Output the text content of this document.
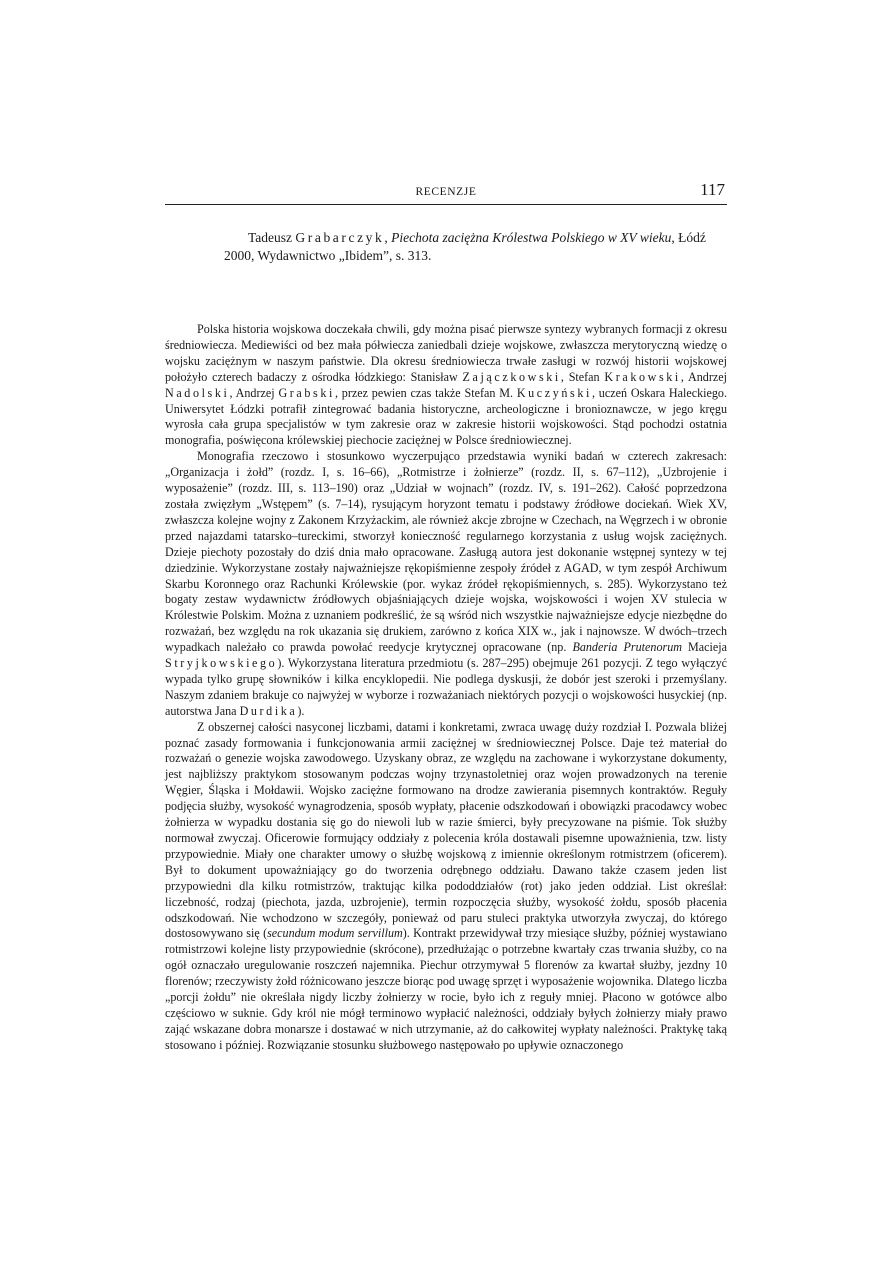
RECENZJE	117

Tadeusz Grabarczyk, Piechota zaciężna Królestwa Polskiego w XV wieku, Łódź 2000, Wydawnictwo „Ibidem”, s. 313.

Polska historia wojskowa doczekała chwili, gdy można pisać pierwsze syntezy wybranych formacji z okresu średniowiecza. Mediewiści od bez mała półwiecza zaniedbali dzieje wojskowe, zwłaszcza merytoryczną wiedzę o wojsku zaciężnym w naszym państwie. Dla okresu średniowiecza trwałe zasługi w rozwój historii wojskowej położyło czterech badaczy z ośrodka łódzkiego: Stanisław Zajączkowski, Stefan Krakowski, Andrzej Nadolski, Andrzej Grabski, przez pewien czas także Stefan M. Kuczyński, uczeń Oskara Haleckiego. Uniwersytet Łódzki potrafił zintegrować badania historyczne, archeologiczne i bronioznawcze, w jego kręgu wyrosła cała grupa specjalistów w tym zakresie oraz w zakresie historii wojskowości. Stąd pochodzi ostatnia monografia, poświęcona królewskiej piechocie zaciężnej w Polsce średniowiecznej.

Monografia rzeczowo i stosunkowo wyczerpująco przedstawia wyniki badań w czterech zakresach: „Organizacja i żołd” (rozdz. I, s. 16–66), „Rotmistrze i żołnierze” (rozdz. II, s. 67–112), „Uzbrojenie i wyposażenie” (rozdz. III, s. 113–190) oraz „Udział w wojnach” (rozdz. IV, s. 191–262). Całość poprzedzona została zwięzłym „Wstępem” (s. 7–14), rysującym horyzont tematu i podstawy źródłowe dociekań. Wiek XV, zwłaszcza kolejne wojny z Zakonem Krzyżackim, ale również akcje zbrojne w Czechach, na Węgrzech i w obronie przed najazdami tatarsko–tureckimi, stworzył konieczność regularnego korzystania z usług wojsk zaciężnych. Dzieje piechoty pozostały do dziś dnia mało opracowane. Zasługą autora jest dokonanie wstępnej syntezy w tej dziedzinie. Wykorzystane zostały najważniejsze rękopiśmienne zespoły źródeł z AGAD, w tym zespół Archiwum Skarbu Koronnego oraz Rachunki Królewskie (por. wykaz źródeł rękopiśmiennych, s. 285). Wykorzystano też bogaty zestaw wydawnictw źródłowych objaśniających dzieje wojska, wojskowości i wojen XV stulecia w Królestwie Polskim. Można z uznaniem podkreślić, że są wśród nich wszystkie najważniejsze edycje niezbędne do rozważań, bez względu na rok ukazania się drukiem, zarówno z końca XIX w., jak i najnowsze. W dwóch–trzech wypadkach należało co prawda powołać reedycje krytycznej opracowane (np. Banderia Prutenorum Macieja Stryjkowskiego). Wykorzystana literatura przedmiotu (s. 287–295) obejmuje 261 pozycji. Z tego wyłączyć wypada tylko grupę słowników i kilka encyklopedii. Nie podlega dyskusji, że dobór jest szeroki i przemyślany. Naszym zdaniem brakuje co najwyżej w wyborze i rozważaniach niektórych pozycji o wojskowości husyckiej (np. autorstwa Jana Durdika).

Z obszernej całości nasyconej liczbami, datami i konkretami, zwraca uwagę duży rozdział I. Pozwala bliżej poznać zasady formowania i funkcjonowania armii zaciężnej w średniowiecznej Polsce. Daje też materiał do rozważań o genezie wojska zawodowego. Uzyskany obraz, ze względu na zachowane i wykorzystane dokumenty, jest najbliższy praktykom stosowanym podczas wojny trzynastoletniej oraz wojen prowadzonych na terenie Węgier, Śląska i Mołdawii. Wojsko zaciężne formowano na drodze zawierania pisemnych kontraktów. Reguły podjęcia służby, wysokość wynagrodzenia, sposób wypłaty, płacenie odszkodowań i obowiązki pracodawcy wobec żołnierza w wypadku dostania się go do niewoli lub w razie śmierci, były precyzowane na piśmie. Tok służby normował zwyczaj. Oficerowie formujący oddziały z polecenia króla dostawali pisemne upoważnienia, tzw. listy przypowiednie. Miały one charakter umowy o służbę wojskową z imiennie określonym rotmistrzem (oficerem). Był to dokument upoważniający go do tworzenia odrębnego oddziału. Dawano także czasem jeden list przypowiedni dla kilku rotmistrzów, traktując kilka pododdziałów (rot) jako jeden oddział. List określał: liczebność, rodzaj (piechota, jazda, uzbrojenie), termin rozpoczęcia służby, wysokość żołdu, sposób płacenia odszkodowań. Nie wchodzono w szczegóły, ponieważ od paru stuleci praktyka utworzyła zwyczaj, do którego dostosowywano się (secundum modum servillum). Kontrakt przewidywał trzy miesiące służby, później wystawiano rotmistrzowi kolejne listy przypowiednie (skrócone), przedłużając o potrzebne kwartały czas trwania służby, co na ogół oznaczało uregulowanie roszczeń najemnika. Piechur otrzymywał 5 florenów za kwartał służby, jezdny 10 florenów; rzeczywisty żołd różnicowano jeszcze biorąc pod uwagę sprzęt i wyposażenie wojownika. Dlatego liczba „porcji żołdu” nie określała nigdy liczby żołnierzy w rocie, było ich z reguły mniej. Płacono w gotówce albo częściowo w suknie. Gdy król nie mógł terminowo wypłacić należności, oddziały byłych żołnierzy miały prawo zająć wskazane dobra monarsze i dostawać w nich utrzymanie, aż do całkowitej wypłaty należności. Praktykę taką stosowano i później. Rozwiązanie stosunku służbowego następowało po upływie oznaczonego
